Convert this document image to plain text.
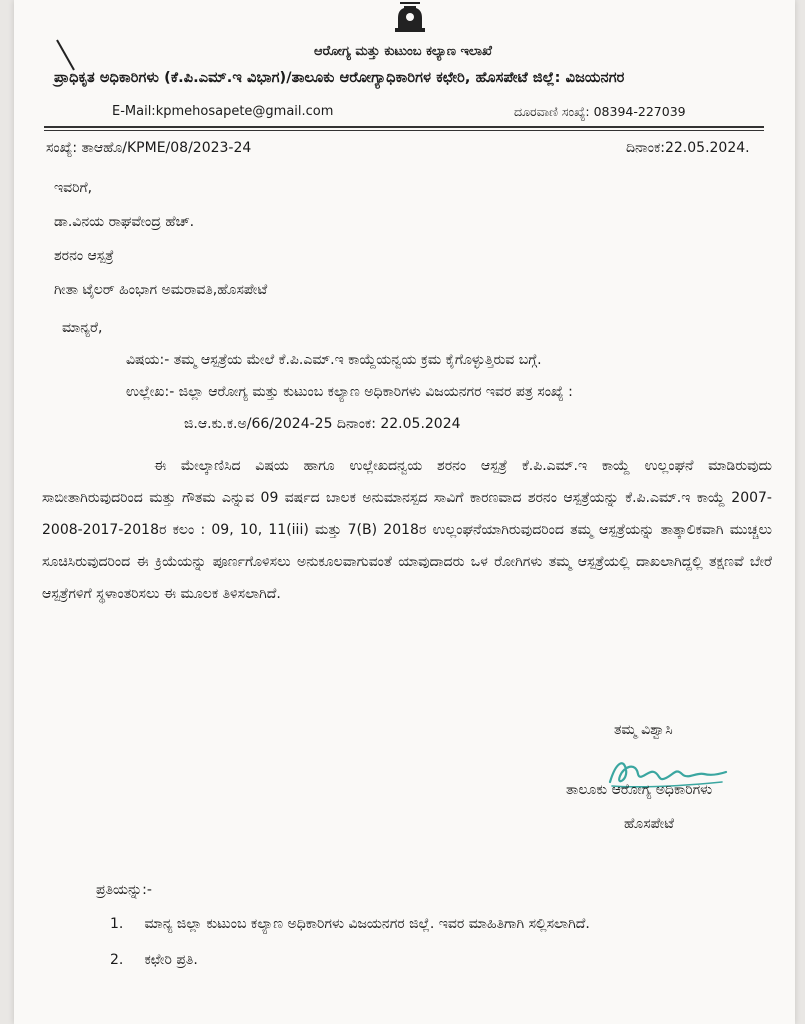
ಆರೋಗ್ಯ ಮತ್ತು ಕುಟುಂಬ ಕಲ್ಯಾಣ ಇಲಾಖೆ
ಪ್ರಾಧಿಕೃತ ಅಧಿಕಾರಿಗಳು (ಕೆ.ಪಿ.ಎಮ್.ಇ ವಿಭಾಗ)/ತಾಲೂಕು ಆರೋಗ್ಯಾಧಿಕಾರಿಗಳ ಕಛೇರಿ, ಹೊಸಪೇಟೆ ಜಿಲ್ಲೆ: ವಿಜಯನಗರ
E-Mail:kpmehosapete@gmail.com	ದೂರವಾಣಿ ಸಂಖ್ಯೆ: 08394-227039
ಸಂಖ್ಯೆ: ತಾಆಹೊ/KPME/08/2023-24	ದಿನಾಂಕ:22.05.2024.
ಇವರಿಗೆ,
ಡಾ.ವಿನಯ ರಾಘವೇಂದ್ರ ಹೆಚ್.
ಶರನಂ ಆಸ್ಪತ್ರೆ
ಗೀತಾ ಟೈಲರ್ ಹಿಂಭಾಗ ಅಮರಾವತಿ,ಹೊಸಪೇಟೆ
ಮಾನ್ಯರೆ,
ವಿಷಯ:- ತಮ್ಮ ಆಸ್ಪತ್ರೆಯ ಮೇಲೆ ಕೆ.ಪಿ.ಎಮ್.ಇ ಕಾಯ್ದೆಯನ್ವಯ ಕ್ರಮ ಕೈಗೊಳ್ಳುತ್ತಿರುವ ಬಗ್ಗೆ.
ಉಲ್ಲೇಖ:- ಜಿಲ್ಲಾ ಆರೋಗ್ಯ ಮತ್ತು ಕುಟುಂಬ ಕಲ್ಯಾಣ ಅಧಿಕಾರಿಗಳು ವಿಜಯನಗರ ಇವರ ಪತ್ರ ಸಂಖ್ಯೆ :
ಜಿ.ಆ.ಕು.ಕ.ಅ/66/2024-25 ದಿನಾಂಕ: 22.05.2024
ಈ ಮೇಲ್ಕಾಣಿಸಿದ ವಿಷಯ ಹಾಗೂ ಉಲ್ಲೇಖದನ್ವಯ ಶರನಂ ಆಸ್ಪತ್ರೆ ಕೆ.ಪಿ.ಎಮ್.ಇ ಕಾಯ್ದೆ ಉಲ್ಲಂಘನೆ ಮಾಡಿರುವುದು ಸಾಬೀತಾಗಿರುವುದರಿಂದ ಮತ್ತು ಗೌತಮ ಎನ್ನುವ 09 ವರ್ಷದ ಬಾಲಕ ಅನುಮಾನಸ್ಪದ ಸಾವಿಗೆ ಕಾರಣವಾದ ಶರನಂ ಆಸ್ಪತ್ರೆಯನ್ನು ಕೆ.ಪಿ.ಎಮ್.ಇ ಕಾಯ್ದೆ 2007-2008-2017-2018ರ ಕಲಂ : 09, 10, 11(iii) ಮತ್ತು 7(B) 2018ರ ಉಲ್ಲಂಘನೆಯಾಗಿರುವುದರಿಂದ ತಮ್ಮ ಆಸ್ಪತ್ರೆಯನ್ನು ತಾತ್ಕಾಲಿಕವಾಗಿ ಮುಚ್ಚಲು ಸೂಚಿಸಿರುವುದರಿಂದ ಈ ಕ್ರಿಯೆಯನ್ನು ಪೂರ್ಣಗೊಳಿಸಲು ಅನುಕೂಲವಾಗುವಂತೆ ಯಾವುದಾದರು ಒಳ ರೋಗಿಗಳು ತಮ್ಮ ಆಸ್ಪತ್ರೆಯಲ್ಲಿ ದಾಖಲಾಗಿದ್ದಲ್ಲಿ ತಕ್ಷಣವೆ ಬೇರೆ ಆಸ್ಪತ್ರೆಗಳಿಗೆ ಸ್ಥಳಾಂತರಿಸಲು ಈ ಮೂಲಕ ತಿಳಿಸಲಾಗಿದೆ.
ತಮ್ಮ ವಿಶ್ವಾಸಿ
ತಾಲೂಕು ಆರೋಗ್ಯ ಅಧಿಕಾರಿಗಳು
ಹೊಸಪೇಟೆ
ಪ್ರತಿಯನ್ನು:-
1. ಮಾನ್ಯ ಜಿಲ್ಲಾ ಕುಟುಂಬ ಕಲ್ಯಾಣ ಅಧಿಕಾರಿಗಳು ವಿಜಯನಗರ ಜಿಲ್ಲೆ. ಇವರ ಮಾಹಿತಿಗಾಗಿ ಸಲ್ಲಿಸಲಾಗಿದೆ.
2. ಕಛೇರಿ ಪ್ರತಿ.
